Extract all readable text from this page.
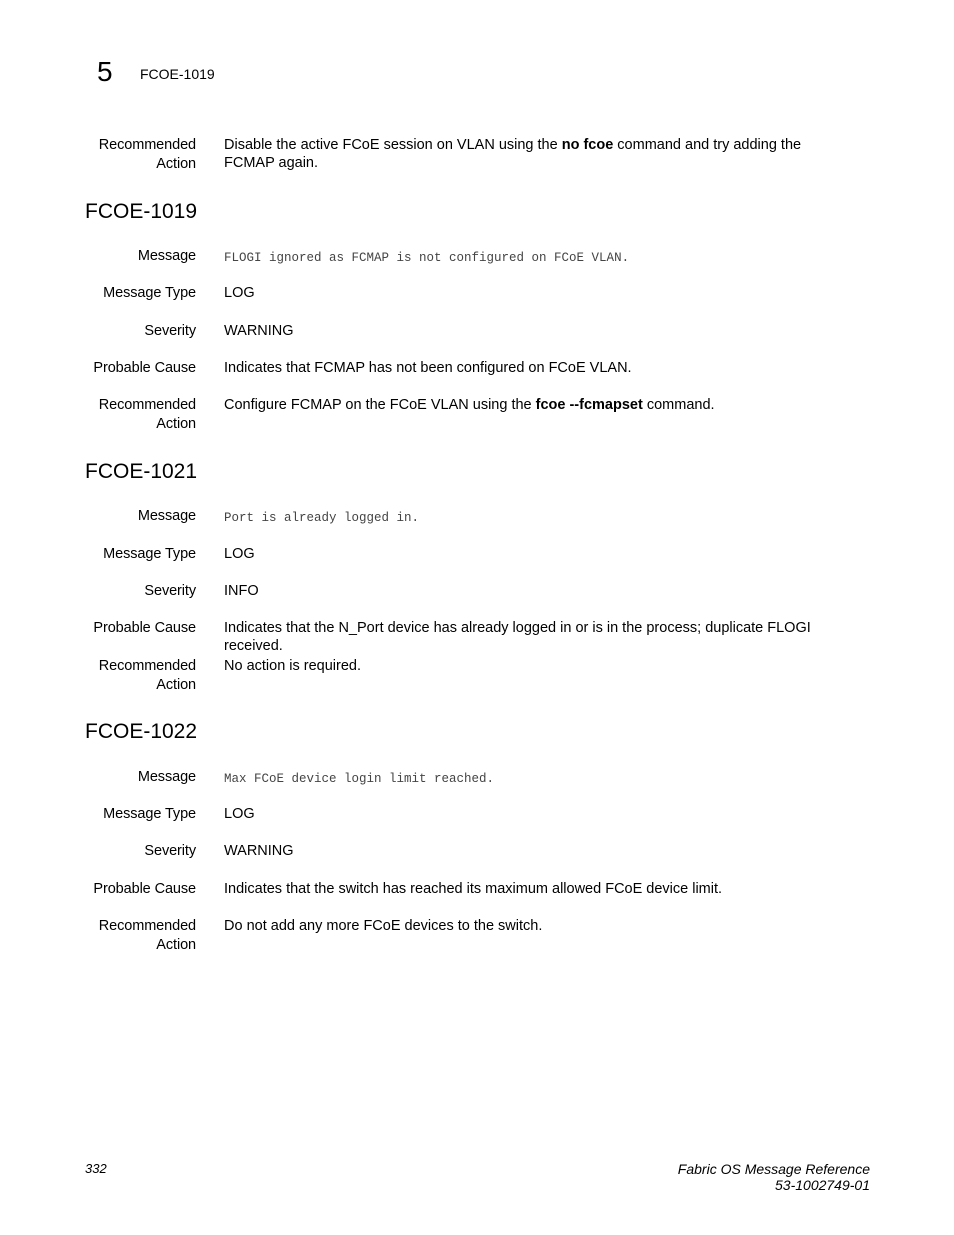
5 FCOE-1019
Recommended
Action
Disable the active FCoE session on VLAN using the no fcoe command and try adding the FCMAP again.
FCOE-1019
Message FLOGI ignored as FCMAP is not configured on FCoE VLAN.
Message Type LOG
Severity WARNING
Probable Cause Indicates that FCMAP has not been configured on FCoE VLAN.
Recommended
Action
Configure FCMAP on the FCoE VLAN using the fcoe --fcmapset command.
FCOE-1021
Message Port is already logged in.
Message Type LOG
Severity INFO
Probable Cause Indicates that the N_Port device has already logged in or is in the process; duplicate FLOGI received.
Recommended
Action
No action is required.
FCOE-1022
Message Max FCoE device login limit reached.
Message Type LOG
Severity WARNING
Probable Cause Indicates that the switch has reached its maximum allowed FCoE device limit.
Recommended
Action
Do not add any more FCoE devices to the switch.
332	Fabric OS Message Reference
53-1002749-01
